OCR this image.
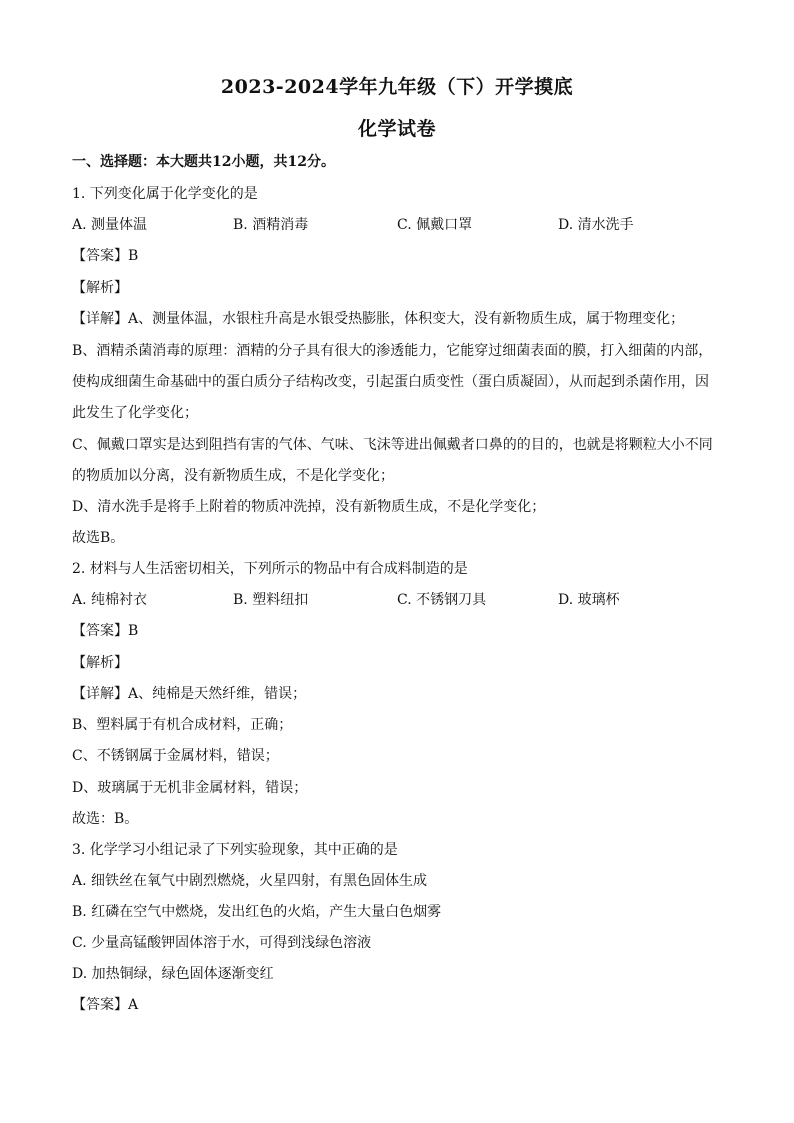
2023-2024学年九年级（下）开学摸底
化学试卷
一、选择题：本大题共12小题，共12分。
1. 下列变化属于化学变化的是
A. 测量体温	B. 酒精消毒	C. 佩戴口罩	D. 清水洗手
【答案】B
【解析】
【详解】A、测量体温，水银柱升高是水银受热膨胀，体积变大，没有新物质生成，属于物理变化；
B、酒精杀菌消毒的原理：酒精的分子具有很大的渗透能力，它能穿过细菌表面的膜，打入细菌的内部，
使构成细菌生命基础中的蛋白质分子结构改变，引起蛋白质变性（蛋白质凝固），从而起到杀菌作用，因
此发生了化学变化；
C、佩戴口罩实是达到阻挡有害的气体、气味、飞沫等进出佩戴者口鼻的的目的，也就是将颗粒大小不同
的物质加以分离，没有新物质生成，不是化学变化；
D、清水洗手是将手上附着的物质冲洗掉，没有新物质生成，不是化学变化；
故选B。
2. 材料与人生活密切相关，下列所示的物品中有合成料制造的是
A. 纯棉衬衣	B. 塑料纽扣	C. 不锈钢刀具	D. 玻璃杯
【答案】B
【解析】
【详解】A、纯棉是天然纤维，错误；
B、塑料属于有机合成材料，正确；
C、不锈钢属于金属材料，错误；
D、玻璃属于无机非金属材料，错误；
故选：B。
3. 化学学习小组记录了下列实验现象，其中正确的是
A. 细铁丝在氧气中剧烈燃烧，火星四射，有黑色固体生成
B. 红磷在空气中燃烧，发出红色的火焰，产生大量白色烟雾
C. 少量高锰酸钾固体溶于水，可得到浅绿色溶液
D. 加热铜绿，绿色固体逐渐变红
【答案】A
